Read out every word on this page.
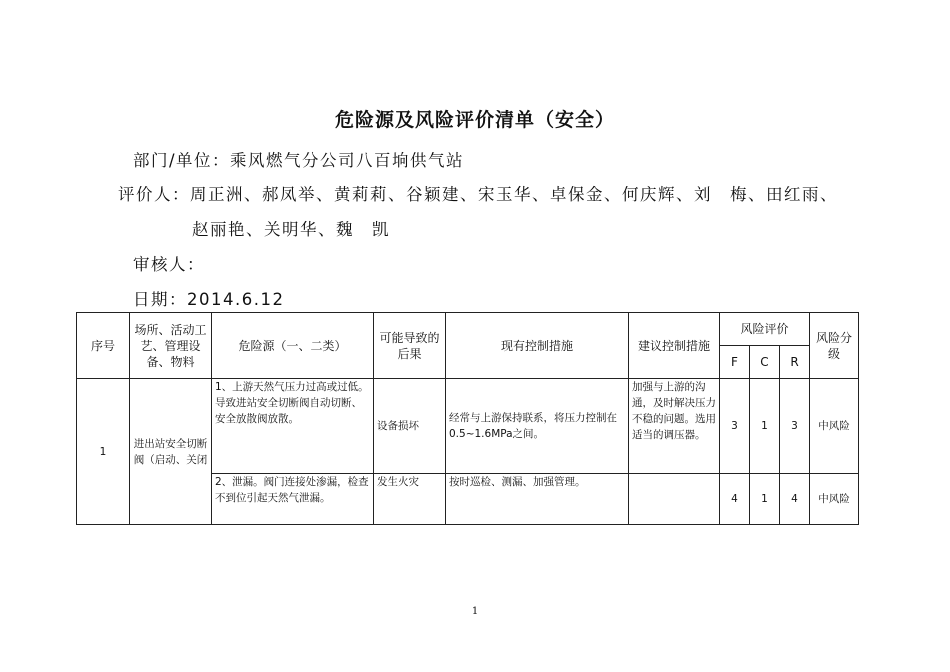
危险源及风险评价清单（安全）
部门/单位：乘风燃气分公司八百垧供气站
评价人：周正洲、郝凤举、黄莉莉、谷颖建、宋玉华、卓保金、何庆辉、刘　梅、田红雨、
赵丽艳、关明华、魏　凯
审核人：
日期：2014.6.12
序号	场所、活动工艺、管理设备、物料	危险源（一、二类）	可能导致的后果	现有控制措施	建议控制措施	风险评价			风险分级
						F	C	R	
1	进出站安全切断阀（启动、关闭	1、上游天然气压力过高或过低。导致进站安全切断阀自动切断、安全放散阀放散。	设备损坏	经常与上游保持联系，将压力控制在0.5~1.6MPa之间。	加强与上游的沟通，及时解决压力不稳的问题。选用适当的调压器。	3	1	3	中风险
		2、泄漏。阀门连接处渗漏，检查不到位引起天然气泄漏。	发生火灾	按时巡检、测漏、加强管理。		4	1	4	中风险
1
